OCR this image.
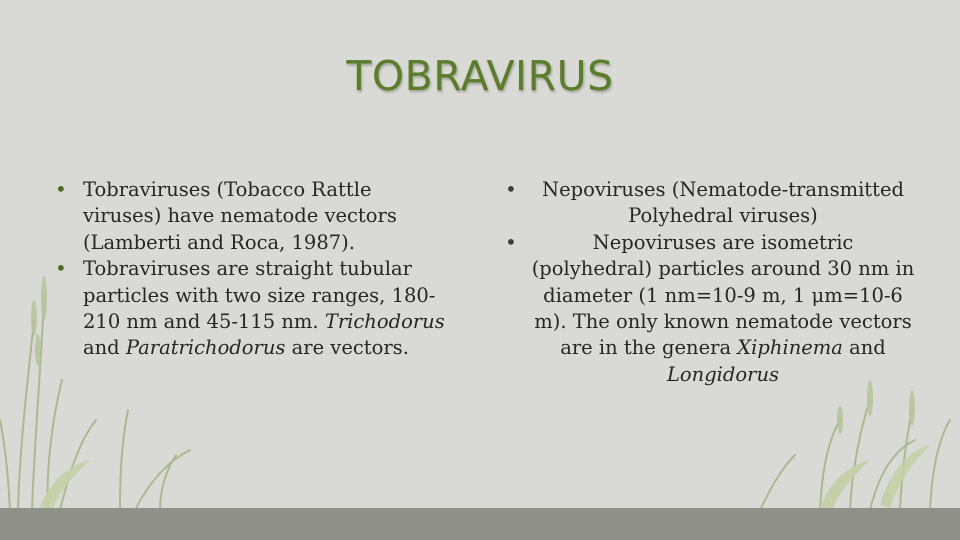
TOBRAVIRUS
• Tobraviruses (Tobacco Rattle viruses) have nematode vectors (Lamberti and Roca, 1987).
• Tobraviruses are straight tubular particles with two size ranges, 180-210 nm and 45-115 nm. Trichodorus and Paratrichodorus are vectors.
• Nepoviruses (Nematode-transmitted Polyhedral viruses)
•	Nepoviruses are isometric (polyhedral) particles around 30 nm in diameter (1 nm=10-9 m, 1 μm=10-6 m). The only known nematode vectors are in the genera Xiphinema and Longidorus
